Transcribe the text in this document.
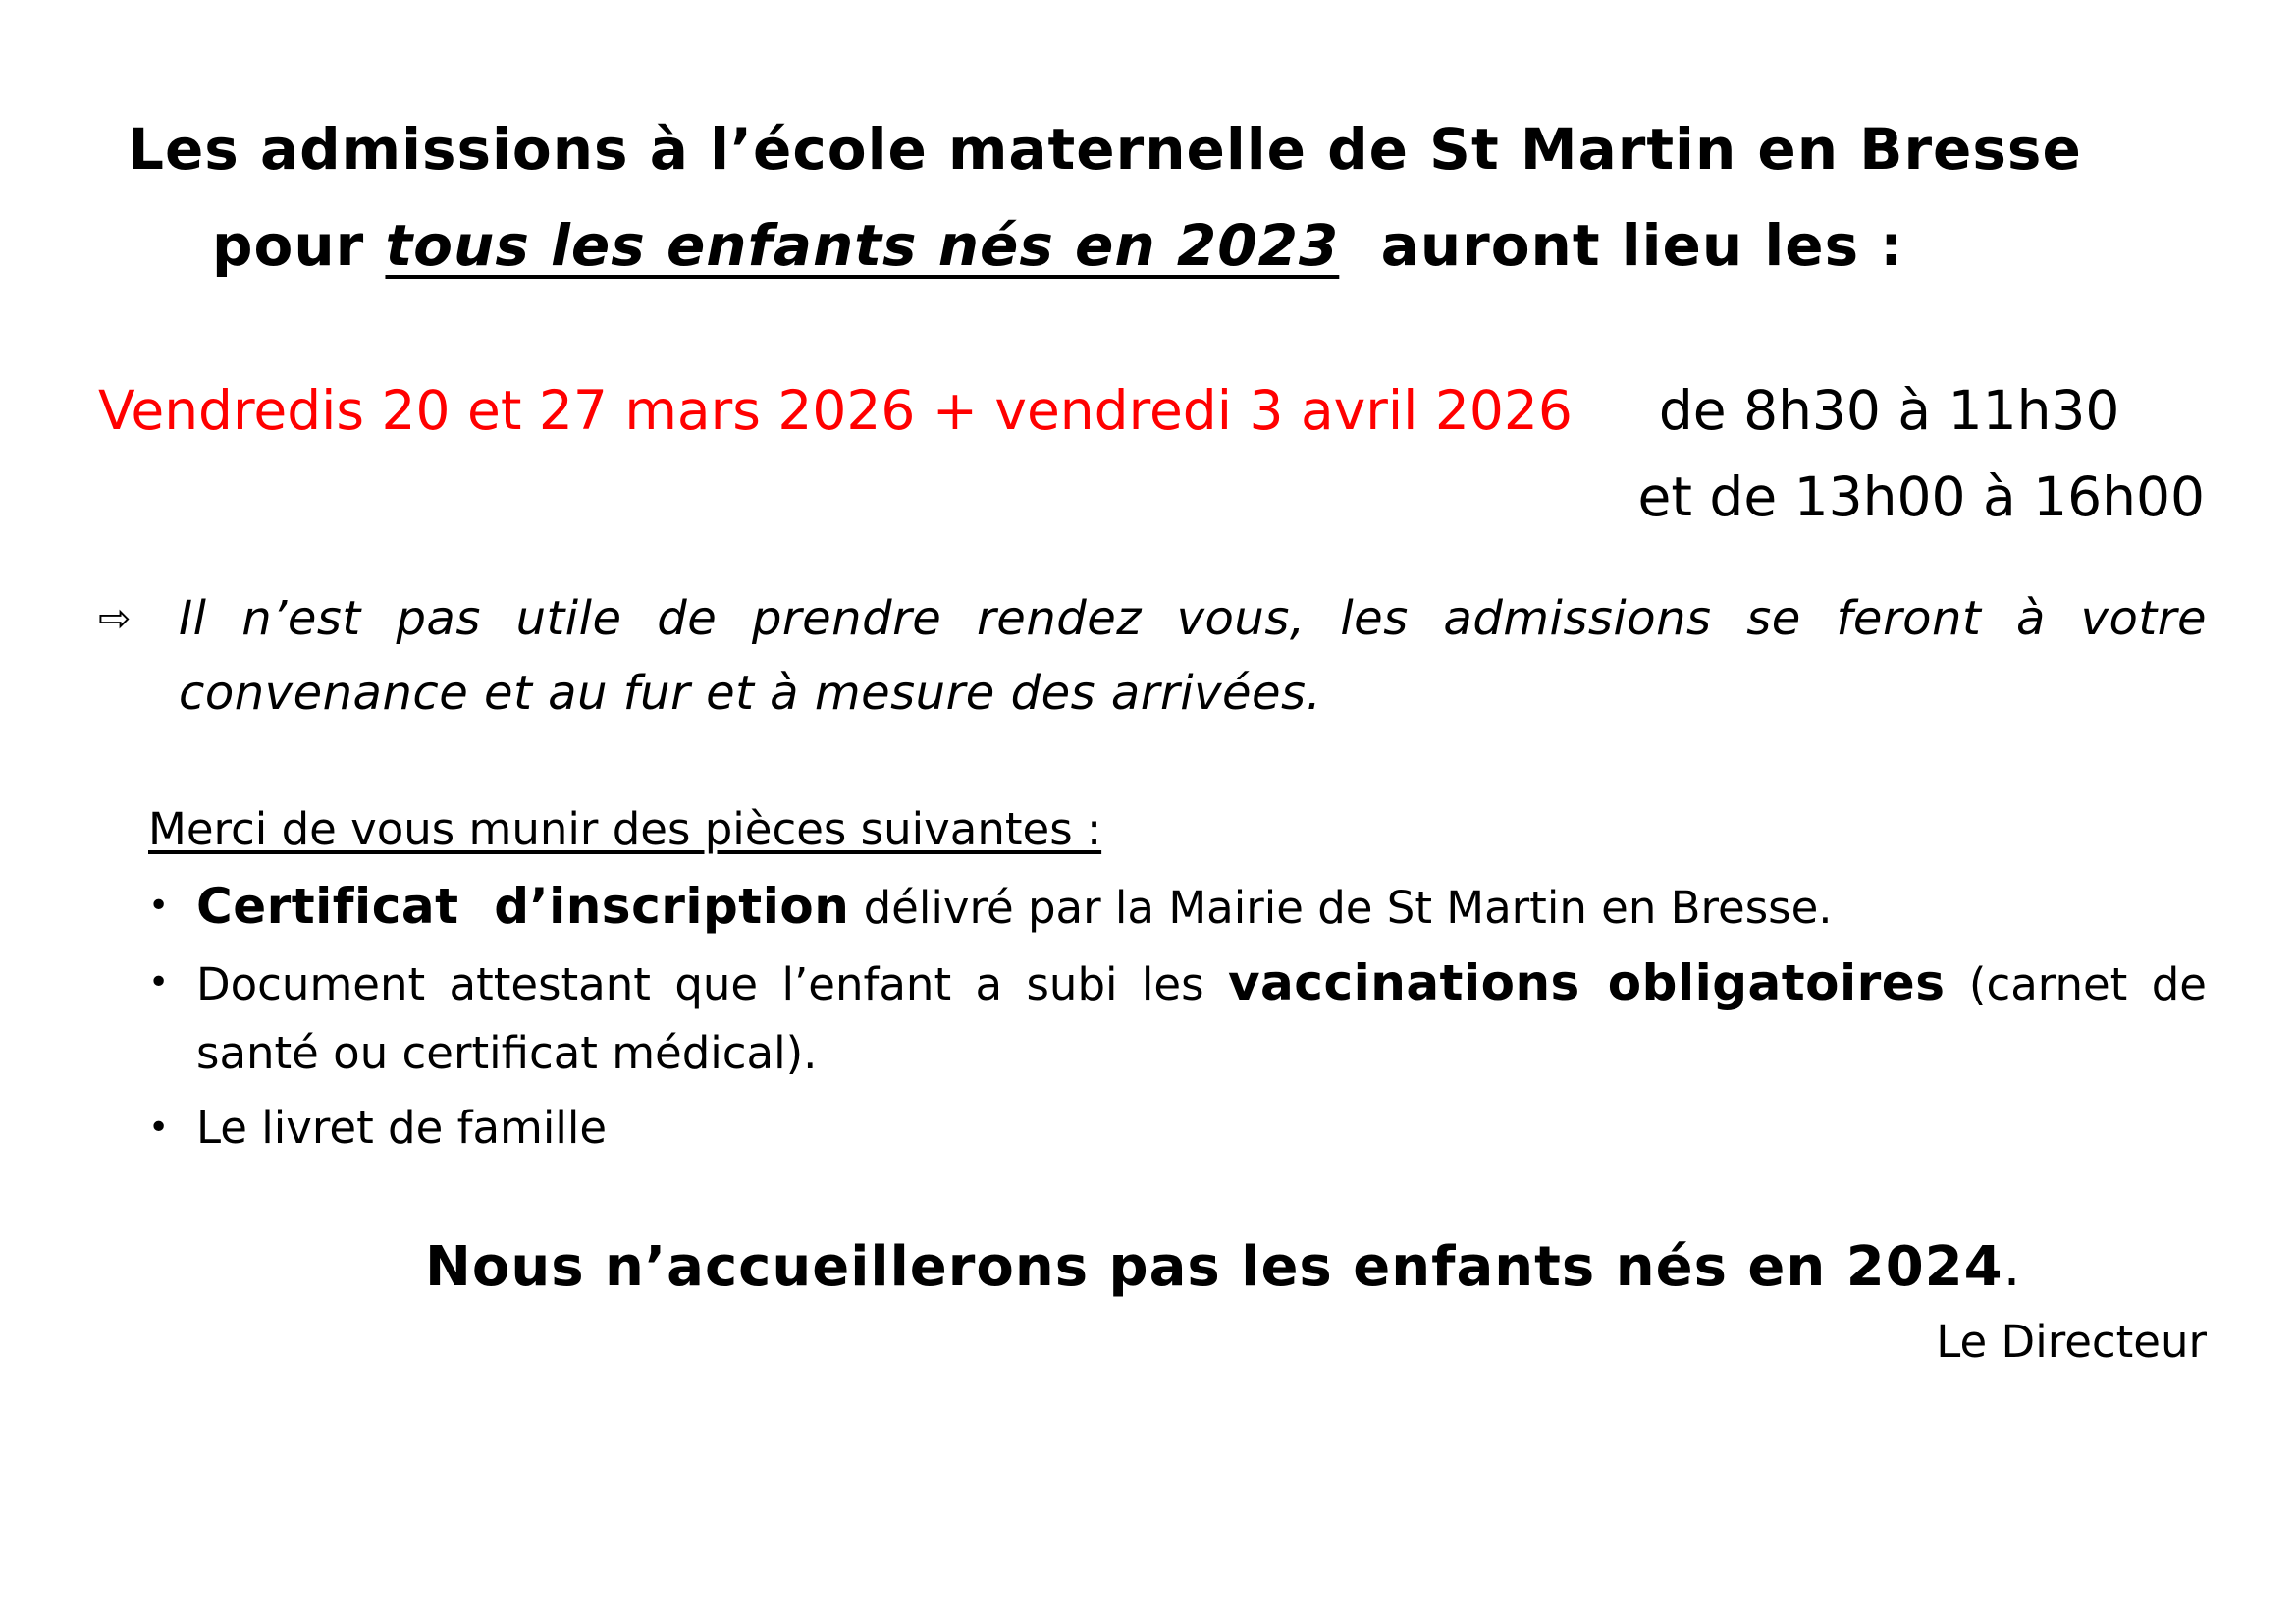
Les admissions à l’école maternelle de St Martin en Bresse
pour tous les enfants nés en 2023  auront lieu les :
Vendredis 20 et 27 mars 2026 + vendredi 3 avril 2026 de 8h30 à 11h30
et de 13h00 à 16h00
⇨ Il n’est pas utile de prendre rendez vous, les admissions se feront à votre convenance et au fur et à mesure des arrivées.
Merci de vous munir des pièces suivantes :
• Certificat  d’inscription délivré par la Mairie de St Martin en Bresse.
• Document attestant que l’enfant a subi les vaccinations obligatoires (carnet de santé ou certificat médical).
• Le livret de famille
Nous n’accueillerons pas les enfants nés en 2024.
Le Directeur
